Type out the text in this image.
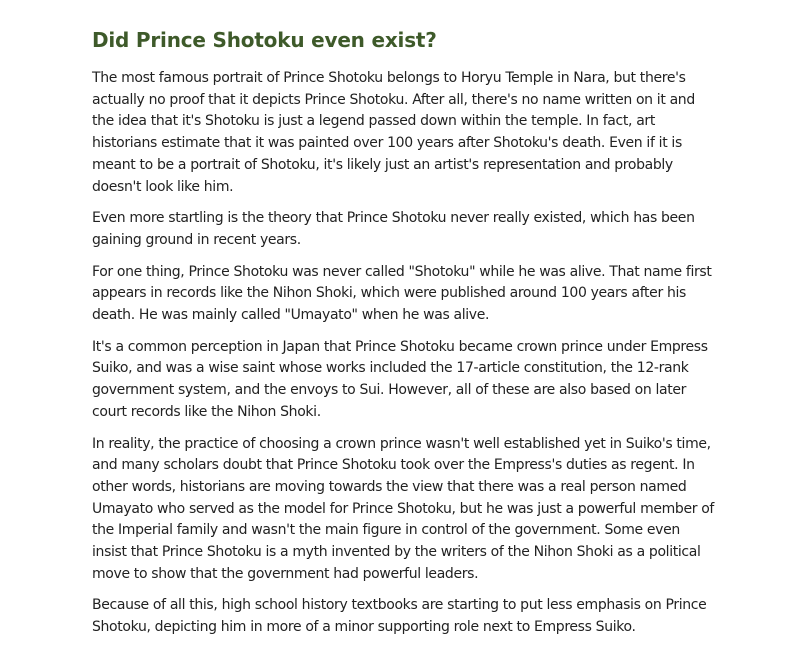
Did Prince Shotoku even exist?

The most famous portrait of Prince Shotoku belongs to Horyu Temple in Nara, but there's actually no proof that it depicts Prince Shotoku. After all, there's no name written on it and the idea that it's Shotoku is just a legend passed down within the temple. In fact, art historians estimate that it was painted over 100 years after Shotoku's death. Even if it is meant to be a portrait of Shotoku, it's likely just an artist's representation and probably doesn't look like him.

Even more startling is the theory that Prince Shotoku never really existed, which has been gaining ground in recent years.

For one thing, Prince Shotoku was never called "Shotoku" while he was alive. That name first appears in records like the Nihon Shoki, which were published around 100 years after his death. He was mainly called "Umayato" when he was alive.

It's a common perception in Japan that Prince Shotoku became crown prince under Empress Suiko, and was a wise saint whose works included the 17-article constitution, the 12-rank government system, and the envoys to Sui. However, all of these are also based on later court records like the Nihon Shoki.

In reality, the practice of choosing a crown prince wasn't well established yet in Suiko's time, and many scholars doubt that Prince Shotoku took over the Empress's duties as regent. In other words, historians are moving towards the view that there was a real person named Umayato who served as the model for Prince Shotoku, but he was just a powerful member of the Imperial family and wasn't the main figure in control of the government. Some even insist that Prince Shotoku is a myth invented by the writers of the Nihon Shoki as a political move to show that the government had powerful leaders.

Because of all this, high school history textbooks are starting to put less emphasis on Prince Shotoku, depicting him in more of a minor supporting role next to Empress Suiko.
